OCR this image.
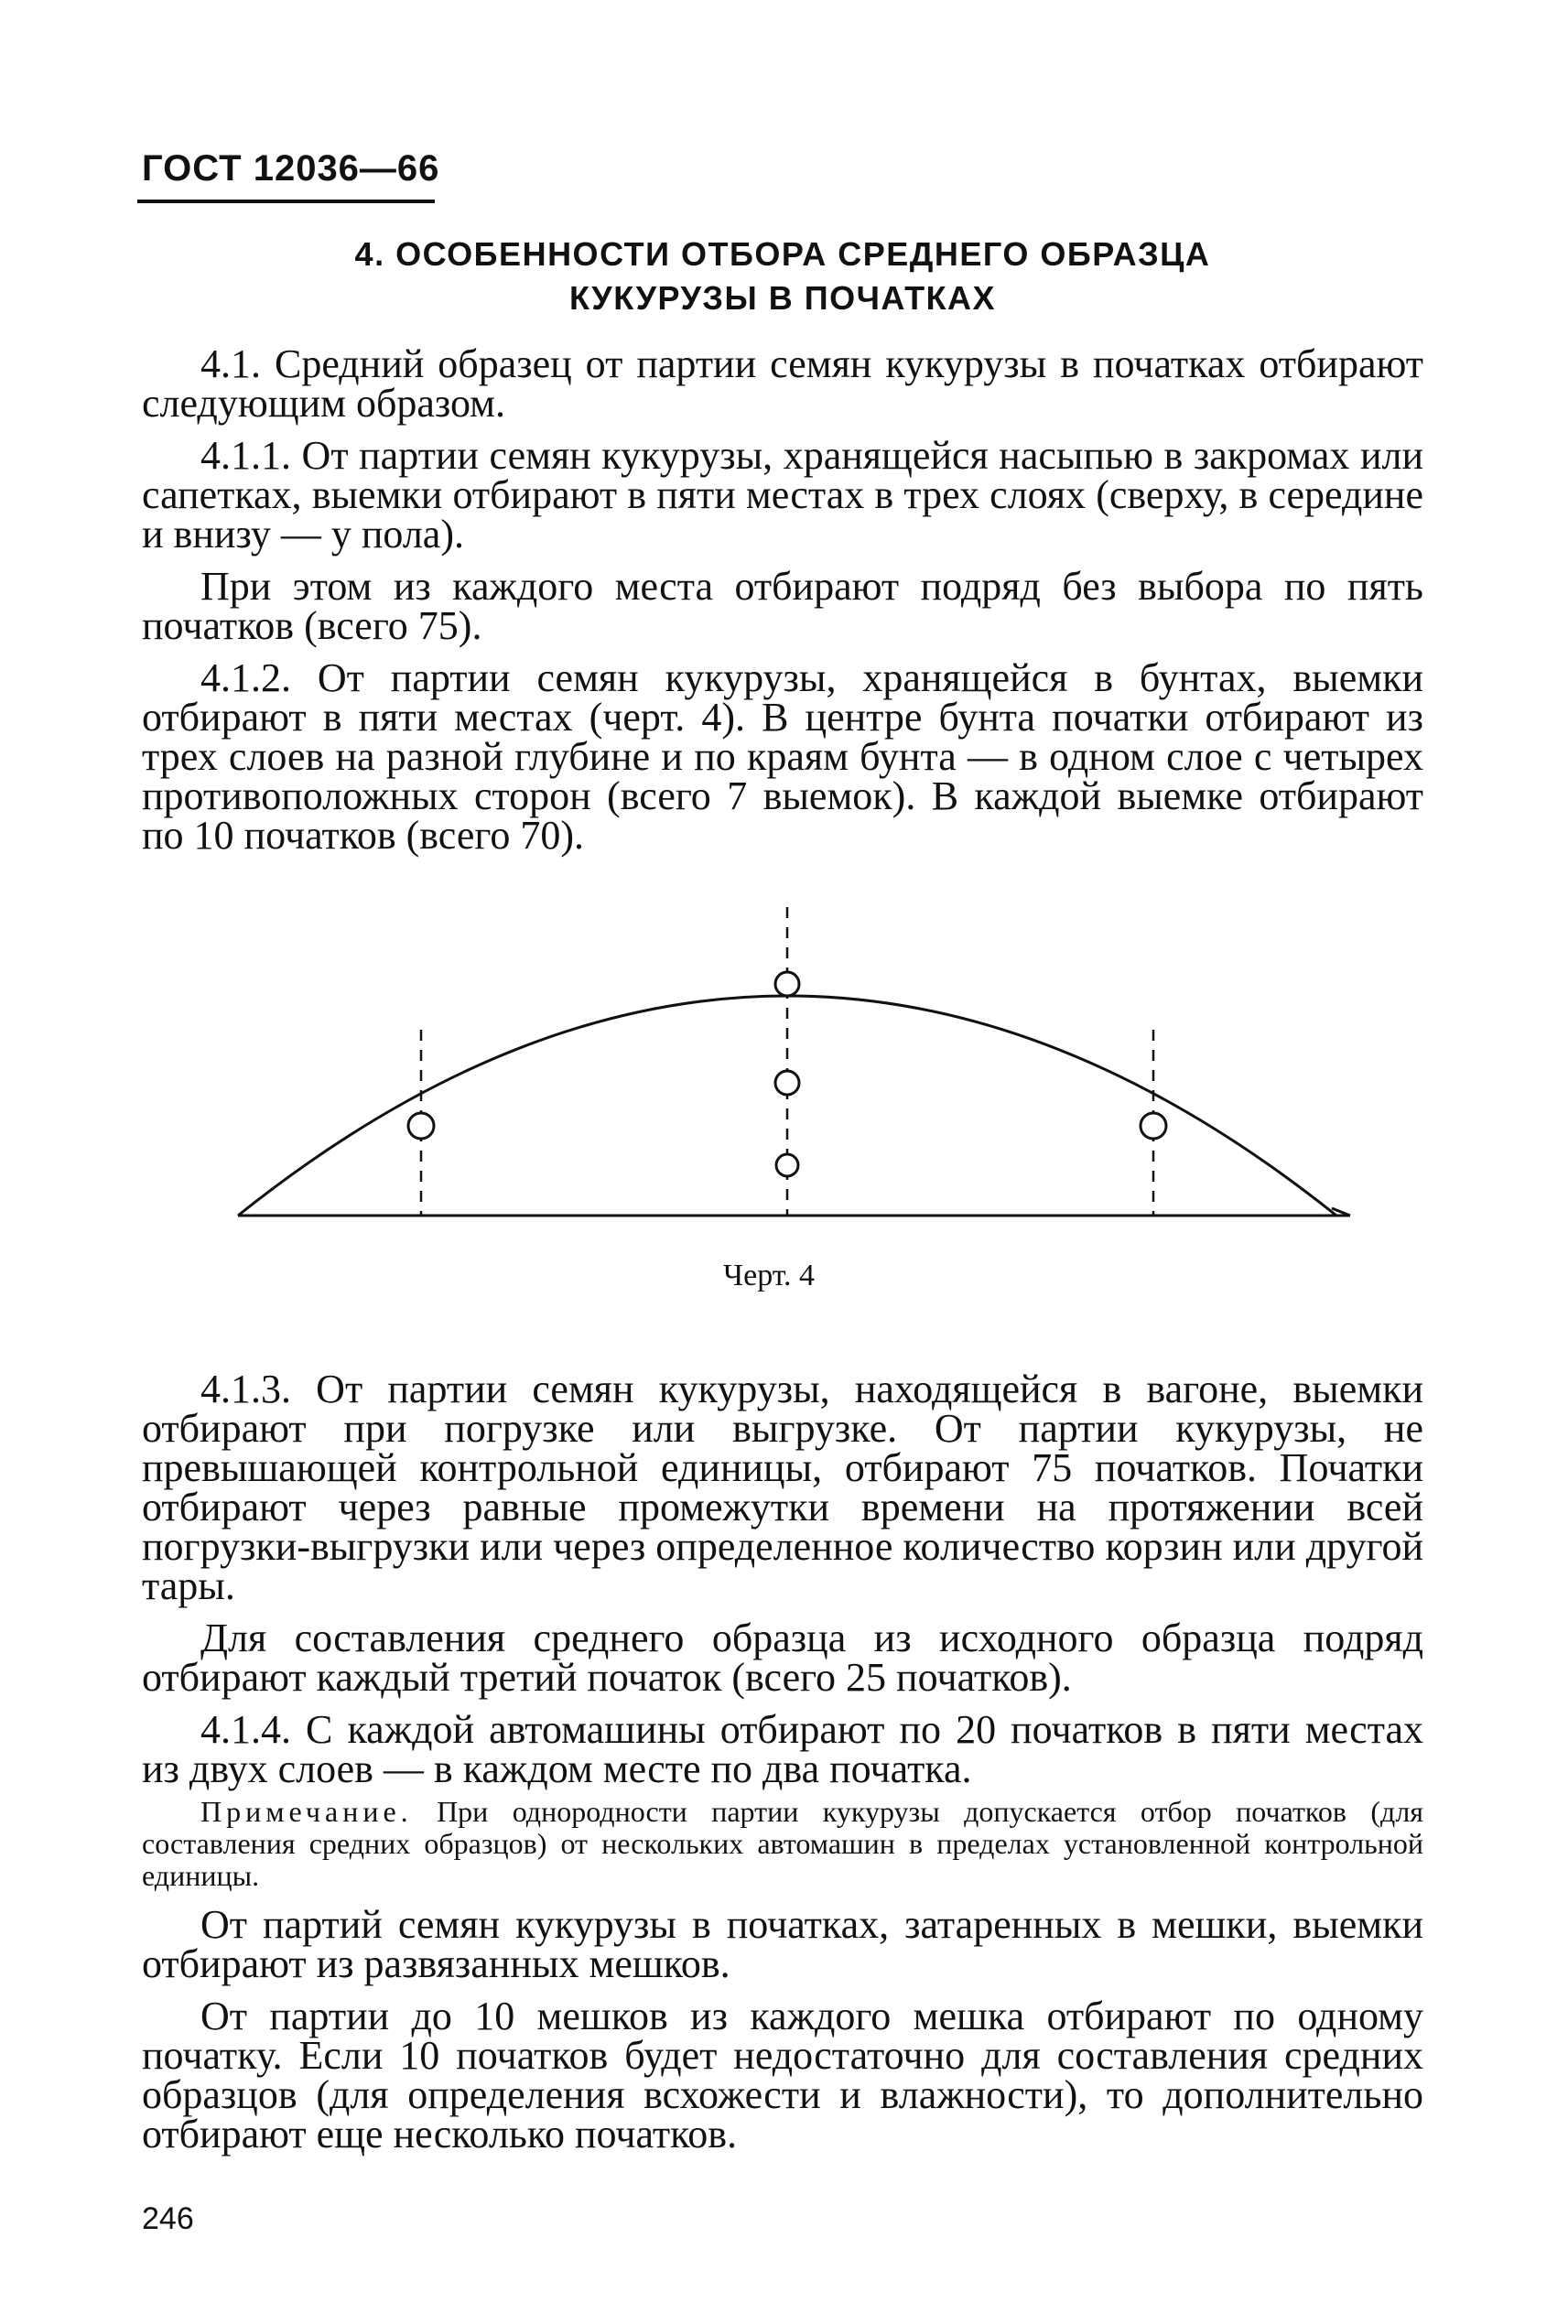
ГОСТ 12036—66
4. ОСОБЕННОСТИ ОТБОРА СРЕДНЕГО ОБРАЗЦА
КУКУРУЗЫ В ПОЧАТКАХ

4.1. Средний образец от партии семян кукурузы в початках отбирают следующим образом.

4.1.1. От партии семян кукурузы, хранящейся насыпью в закромах или сапетках, выемки отбирают в пяти местах в трех слоях (сверху, в середине и внизу — у пола).

При этом из каждого места отбирают подряд без выбора по пять початков (всего 75).

4.1.2. От партии семян кукурузы, хранящейся в бунтах, выемки отбирают в пяти местах (черт. 4). В центре бунта початки отбирают из трех слоев на разной глубине и по краям бунта — в одном слое с четырех противоположных сторон (всего 7 выемок). В каждой выемке отбирают по 10 початков (всего 70).

Черт. 4

4.1.3. От партии семян кукурузы, находящейся в вагоне, выемки отбирают при погрузке или выгрузке. От партии кукурузы, не превышающей контрольной единицы, отбирают 75 початков. Початки отбирают через равные промежутки времени на протяжении всей погрузки-выгрузки или через определенное количество корзин или другой тары.

Для составления среднего образца из исходного образца подряд отбирают каждый третий початок (всего 25 початков).

4.1.4. С каждой автомашины отбирают по 20 початков в пяти местах из двух слоев — в каждом месте по два початка.

Примечание. При однородности партии кукурузы допускается отбор початков (для составления средних образцов) от нескольких автомашин в пределах установленной контрольной единицы.

От партий семян кукурузы в початках, затаренных в мешки, выемки отбирают из развязанных мешков.

От партии до 10 мешков из каждого мешка отбирают по одному початку. Если 10 початков будет недостаточно для составления средних образцов (для определения всхожести и влажности), то дополнительно отбирают еще несколько початков.

246
